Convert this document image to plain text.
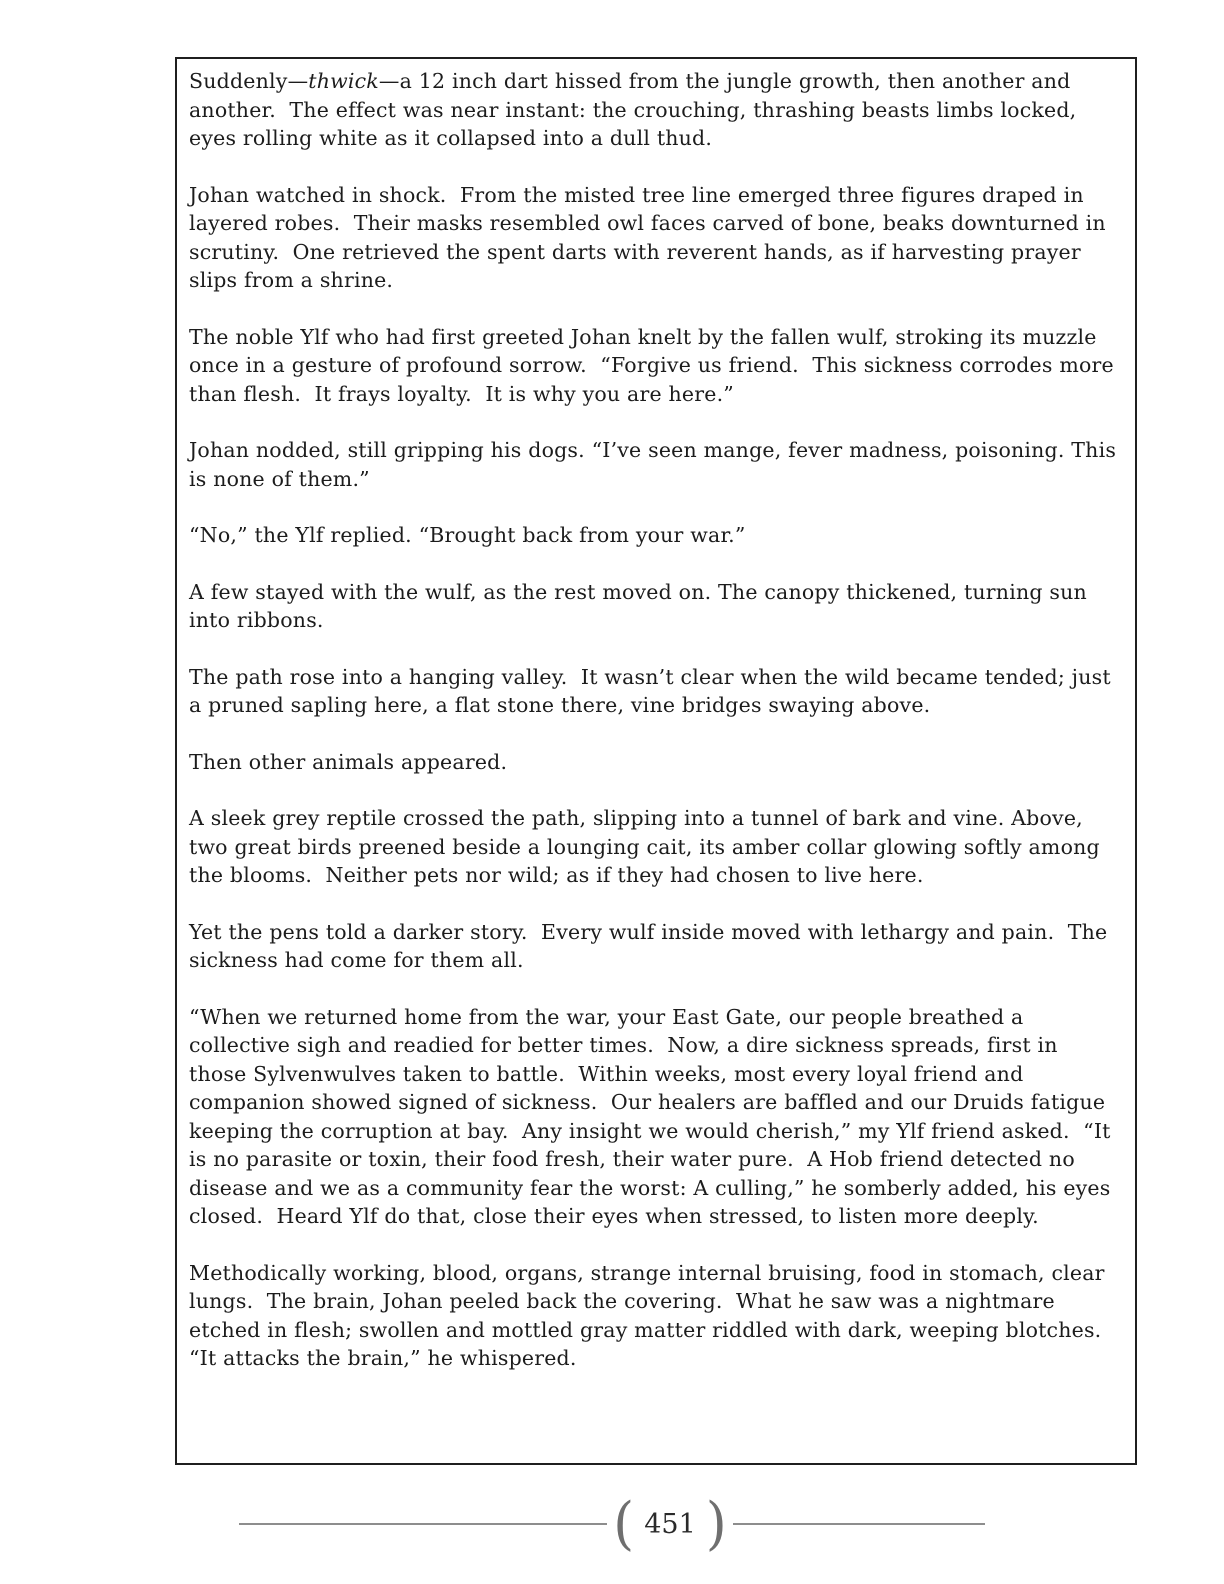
Suddenly—thwick—a 12 inch dart hissed from the jungle growth, then another and another.  The effect was near instant: the crouching, thrashing beasts limbs locked, eyes rolling white as it collapsed into a dull thud.

Johan watched in shock.  From the misted tree line emerged three figures draped in layered robes.  Their masks resembled owl faces carved of bone, beaks downturned in scrutiny.  One retrieved the spent darts with reverent hands, as if harvesting prayer slips from a shrine.

The noble Ylf who had first greeted Johan knelt by the fallen wulf, stroking its muzzle once in a gesture of profound sorrow.  “Forgive us friend.  This sickness corrodes more than flesh.  It frays loyalty.  It is why you are here.”

Johan nodded, still gripping his dogs. “I’ve seen mange, fever madness, poisoning. This is none of them.”

“No,” the Ylf replied. “Brought back from your war.”

A few stayed with the wulf, as the rest moved on. The canopy thickened, turning sun into ribbons.

The path rose into a hanging valley.  It wasn’t clear when the wild became tended; just a pruned sapling here, a flat stone there, vine bridges swaying above.

Then other animals appeared.

A sleek grey reptile crossed the path, slipping into a tunnel of bark and vine. Above, two great birds preened beside a lounging cait, its amber collar glowing softly among the blooms.  Neither pets nor wild; as if they had chosen to live here.

Yet the pens told a darker story.  Every wulf inside moved with lethargy and pain.  The sickness had come for them all.

“When we returned home from the war, your East Gate, our people breathed a collective sigh and readied for better times.  Now, a dire sickness spreads, first in those Sylvenwulves taken to battle.  Within weeks, most every loyal friend and companion showed signed of sickness.  Our healers are baffled and our Druids fatigue keeping the corruption at bay.  Any insight we would cherish,” my Ylf friend asked.  “It is no parasite or toxin, their food fresh, their water pure.  A Hob friend detected no disease and we as a community fear the worst: A culling,” he somberly added, his eyes closed.  Heard Ylf do that, close their eyes when stressed, to listen more deeply.

Methodically working, blood, organs, strange internal bruising, food in stomach, clear lungs.  The brain, Johan peeled back the covering.  What he saw was a nightmare etched in flesh; swollen and mottled gray matter riddled with dark, weeping blotches.  “It attacks the brain,” he whispered.

( 451 )
